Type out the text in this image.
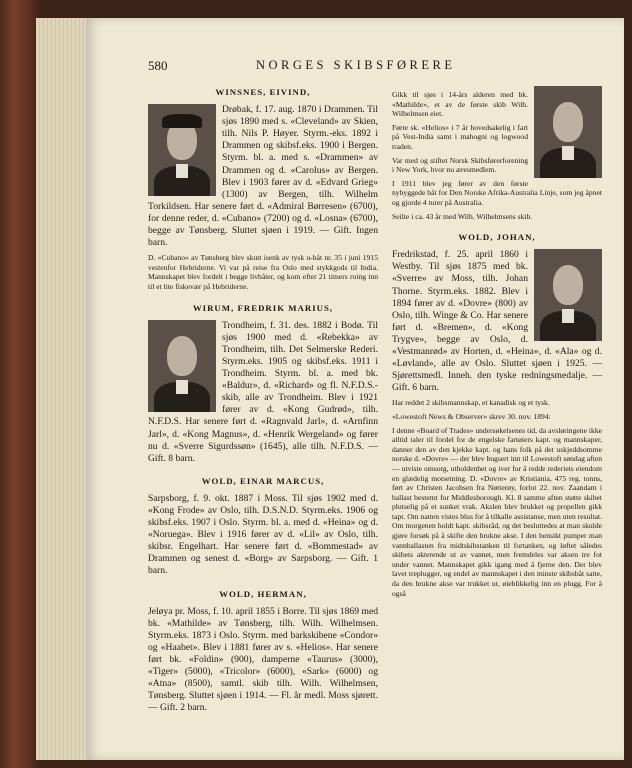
580	NORGES SKIBSFØRERE
WINSNES, EIVIND,

Drøbak, f. 17. aug. 1870 i Drammen. Til sjøs 1890 med s. «Cleveland» av Skien, tilh. Nils P. Høyer. Styrm.-eks. 1892 i Drammen og skibsf.eks. 1900 i Bergen. Styrm. bl. a. med s. «Drammen» av Drammen og d. «Carolus» av Bergen. Blev i 1903 fører av d. «Edvard Grieg» (1300) av Bergen, tilh. Wilhelm Torkildsen. Har senere ført d. «Admiral Børresen» (6700), for denne reder, d. «Cubano» (7200) og d. «Losna» (6700), begge av Tønsberg. Sluttet sjøen i 1919. — Gift. Ingen barn.

D. «Cubano» av Tønsberg blev skutt isenk av tysk u-båt nr. 35 i juni 1915 vestenfor Hebriderne. Vi var på reise fra Oslo med stykkgods til India. Mannskapet blev fordelt i begge livbåter, og kom efter 21 timers roing inn til et lite fiskevær på Hebriderne.

WIRUM, FREDRIK MARIUS,

Trondheim, f. 31. des. 1882 i Bodø. Til sjøs 1900 med d. «Rebekka» av Trondheim, tilh. Det Selmerske Rederi. Styrm.eks. 1905 og skibsf.eks. 1911 i Trondheim. Styrm. bl. a. med bk. «Baldur», d. «Richard» og fl. N.F.D.S.-skib, alle av Trondheim. Blev i 1921 fører av d. «Kong Gudrød», tilh. N.F.D.S. Har senere ført d. «Ragnvald Jarl», d. «Arnfinn Jarl», d. «Kong Magnus», d. «Henrik Wergeland» og fører nu d. «Sverre Sigurdssøn» (1645), alle tilh. N.F.D.S. — Gift. 8 barn.

WOLD, EINAR MARCUS,

Sarpsborg, f. 9. okt. 1887 i Moss. Til sjøs 1902 med d. «Kong Frode» av Oslo, tilh. D.S.N.D. Styrm.eks. 1906 og skibsf.eks. 1907 i Oslo. Styrm. bl. a. med d. «Heina» og d. «Noruega». Blev i 1916 fører av d. «Lil» av Oslo, tilh. skibsr. Engelhart. Har senere ført d. «Bommestad» av Drammen og senest d. «Borg» av Sarpsborg. — Gift. 1 barn.

WOLD, HERMAN,

Jeløya pr. Moss, f. 10. april 1855 i Borre. Til sjøs 1869 med bk. «Mathilde» av Tønsberg, tilh. Wilh. Wilhelmsen. Styrm.eks. 1873 i Oslo. Styrm. med barkskibene «Condor» og «Haabet». Blev i 1881 fører av s. «Helios». Har senere ført bk. «Foldin» (900), damperne «Taurus» (3000), «Tiger» (5000), «Tricolor» (6000), «Sark» (6000) og «Atna» (8500), samtl. skib tilh. Wilh. Wilhelmsen, Tønsberg. Sluttet sjøen i 1914. — Fl. år medl. Moss sjørett. — Gift. 2 barn.

Gikk til sjøs i 14-års alderen med bk. «Mathilde», et av de første skib Wilh. Wilhelmsen eiet.

Førte sk. «Helios» i 7 år hovedsakelig i fart på Vest-India samt i mahogni og logwood traden.

Var med og stiftet Norsk Skibsførerforening i New York, hvor nu æresmedlem.

I 1911 blev jeg fører av den første nybyggede båt for Den Norske Afrika-Australia Linje, som jeg åpnet og gjorde 4 turer på Australia.

Seilte i ca. 43 år med Wilh. Wilhelmsens skib.

WOLD, JOHAN,

Fredrikstad, f. 25. april 1860 i Westby. Til sjøs 1875 med bk. «Sverre» av Moss, tilh. Johan Thorne. Styrm.eks. 1882. Blev i 1894 fører av d. «Dovre» (800) av Oslo, tilh. Winge & Co. Har senere ført d. «Bremen», d. «Kong Trygve», begge av Oslo, d. «Vestmanrød» av Horten, d. «Heina», d. «Ala» og d. «Løvland», alle av Oslo. Sluttet sjøen i 1925. — Sjørettsmedl. Inneh. den tyske redningsmedalje. — Gift. 6 barn.

Har reddet 2 skibsmannskap, et kanadisk og et tysk.

«Lowestoft News & Observer» skrev 30. nov. 1894:

I denne «Board of Trades» undersøkelsenes tid, da avsløringene ikke alltid taler til fordel for de engelske fartøiers kapt. og mannskaper, danner den av den kjekke kapt. og hans folk på det uskjeddsomme norske d. «Dovre» — der blev bugsert inn til Lowestoft søndag aften — utviste omsorg, utholdenhet og iver for å redde rederiets eiendom en glædelig motsetning. D. «Dovre» av Kristiania, 475 reg. tonns, ført av Christen Jacobsen fra Nøtterøy, forlot 22. nov. Zaandam i ballast bestemt for Middlesborough. Kl. 8 samme aften støtte skibet plutselig på et sunket vrak. Akslen blev brukket og propellen gikk tapt. Om natten vistes blus for å tilkalle assistanse, men uten resultat. Om morgenen holdt kapt. skibsråd, og det besluttedes at man skulde gjøre forsøk på å skifte den brukne akse. I den hensikt pumper man vannballasten fra midtskibstanken til fortanken, og løftet således skibets akterende ut av vannet, men fremdeles var aksen tre fot under vannet. Mannskapet gikk igang med å fjerne den. Der blev lavet treplugger, og endel av mannskapet i den minste skibsbåt satte, da den brukne akse var trukket ut, øieblikkelig inn en plugg. For å også
